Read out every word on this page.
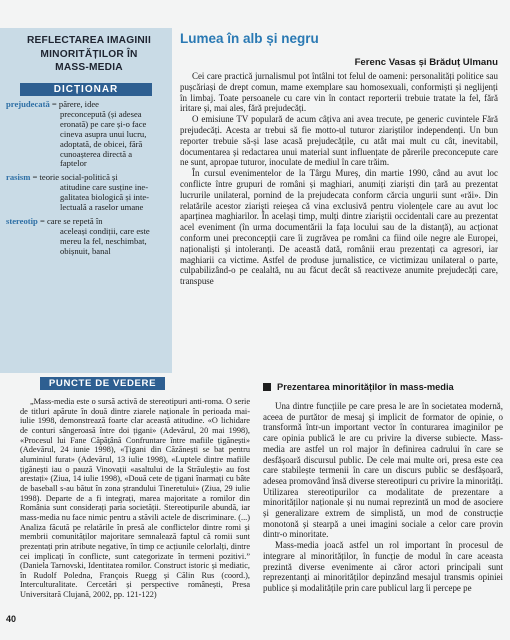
REFLECTAREA IMAGINII
MINORITĂȚILOR ÎN
MASS-MEDIA
DICȚIONAR
prejudecată = părere, idee
preconcepută (și adesea
eronată) pe care și-o face
cineva asupra unui lucru,
adoptată, de obicei, fără
cunoașterea directă a
faptelor
rasism = teorie social-politică și
atitudine care susține ine-
galitatea biologică și inte-
lectuală a raselor umane
stereotip = care se repetă în
aceleași condiții, care este
mereu la fel, neschimbat,
obișnuit, banal
Lumea în alb și negru
Ferenc Vasas și Brăduț Ulmanu

Cei care practică jurnalismul pot întâlni tot felul de oameni: personalități politice sau pușcăriași de drept comun, mame exemplare sau homosexuali, conformiști și neglijenți în limbaj. Toate persoanele cu care vin în contact reporterii trebuie tratate la fel, fără iritare și, mai ales, fără prejudecăți.

O emisiune TV populară de acum câțiva ani avea trecute, pe generic cuvintele Fără prejudecăți. Acesta ar trebui să fie motto-ul tuturor ziariștilor independenți. Un bun reporter trebuie să-și lase acasă prejudecățile, cu atât mai mult cu cât, inevitabil, documentarea și redactarea unui material sunt influențate de părerile preconcepute care ne sunt, apropae tuturor, inoculate de mediul în care trăim.

În cursul evenimentelor de la Târgu Mureș, din martie 1990, când au avut loc conflicte între grupuri de români și maghiari, anumiți ziariști din țară au prezentat lucrurile unilateral, pornind de la prejudecata conform cărcia ungurii sunt «răi». Din relatările acestor ziariști reieșea că vina exclusivă pentru violențele care au avut loc aparținea maghiarilor. În același timp, mulți dintre ziariștii occidentali care au prezentat acel eveniment (în urma documentării la fața locului sau de la distanță), au acționat conform unei preconcepții care îi zugrăvea pe români ca fiind oile negre ale Europei, naționaliști și intoleranți. De această dată, românii erau prezentați ca agresori, iar maghiarii ca victime. Astfel de produse jurnalistice, ce victimizau unilateral o parte, culpabilizând-o pe cealaltă, nu au făcut decât să reactiveze anumite prejudecăți care, transpuse

PUNCTE DE VEDERE

„Mass-media este o sursă activă de stereotipuri anti-roma. O serie de titluri apărute în două dintre ziarele naționale în perioada mai-iulie 1998, demonstrează foarte clar această atitudine. «O lichidare de conturi sângeroasă între doi țigani» (Adevărul, 20 mai 1998), «Procesul lui Fane Căpățână Confruntare între mafiile țigănești» (Adevărul, 24 iunie 1998), «Țigani din Căzănești se bat pentru aluminiul furat» (Adevărul, 13 iulie 1998), «Luptele dintre mafiile țigănești iau o pauză Vinovații «asaltului de la Străulești» au fost arestați» (Ziua, 14 iulie 1998), «Două cete de țigani înarmați cu bâte de baseball s-au bătut în zona ștrandului Tineretului» (Ziua, 29 iulie 1998). Departe de a fi integrați, marea majoritate a romilor din România sunt considerați paria societății. Stereotipurile abundă, iar mass-media nu face nimic pentru a stăvili actele de discriminare. (...) Analiza făcută pe relatările în presă ale conflictelor dintre romi și membrii comunităților majoritare semnalează faptul că romii sunt prezentați prin atribute negative, în timp ce acțiunile celorlalți, dintre cei implicați în conflicte, sunt categorizate în termeni pozitivi.” (Daniela Tarnovski, Identitatea romilor. Construct istoric și mediatic, în Rudolf Poledna, François Ruegg și Călin Rus (coord.), Interculturalitate. Cercetări și perspective românești, Presa Universitară Clujană, 2002, pp. 121-122)

Prezentarea minorităților în mass-media

Una dintre funcțiile pe care presa le are în societatea modernă, aceea de purtător de mesaj și implicit de formator de opinie, o transformă într-un important vector în conturarea imaginilor pe care opinia publică le are cu privire la diverse subiecte. Mass-media are astfel un rol major în definirea cadrului în care se desfășoară discursul public. De cele mai multe ori, presa este cea care stabilește termenii în care un discurs public se desfășoară, adesea promovând însă diverse stereotipuri cu privire la minorități. Utilizarea stereotipurilor ca modalitate de prezentare a minorităților naționale și nu numai reprezintă un mod de asociere și generalizare extrem de simplistă, un mod de construcție monotonă și stearpă a unei imagini sociale a celor care provin dintr-o minoritate.

Mass-media joacă astfel un rol important în procesul de integrare al minorităților, în funcție de modul în care aceasta prezintă diverse evenimente ai căror actori principali sunt reprezentanți ai minorităților depinzând mesajul transmis opiniei publice și modalitățile prin care publicul larg îi percepe pe

40
